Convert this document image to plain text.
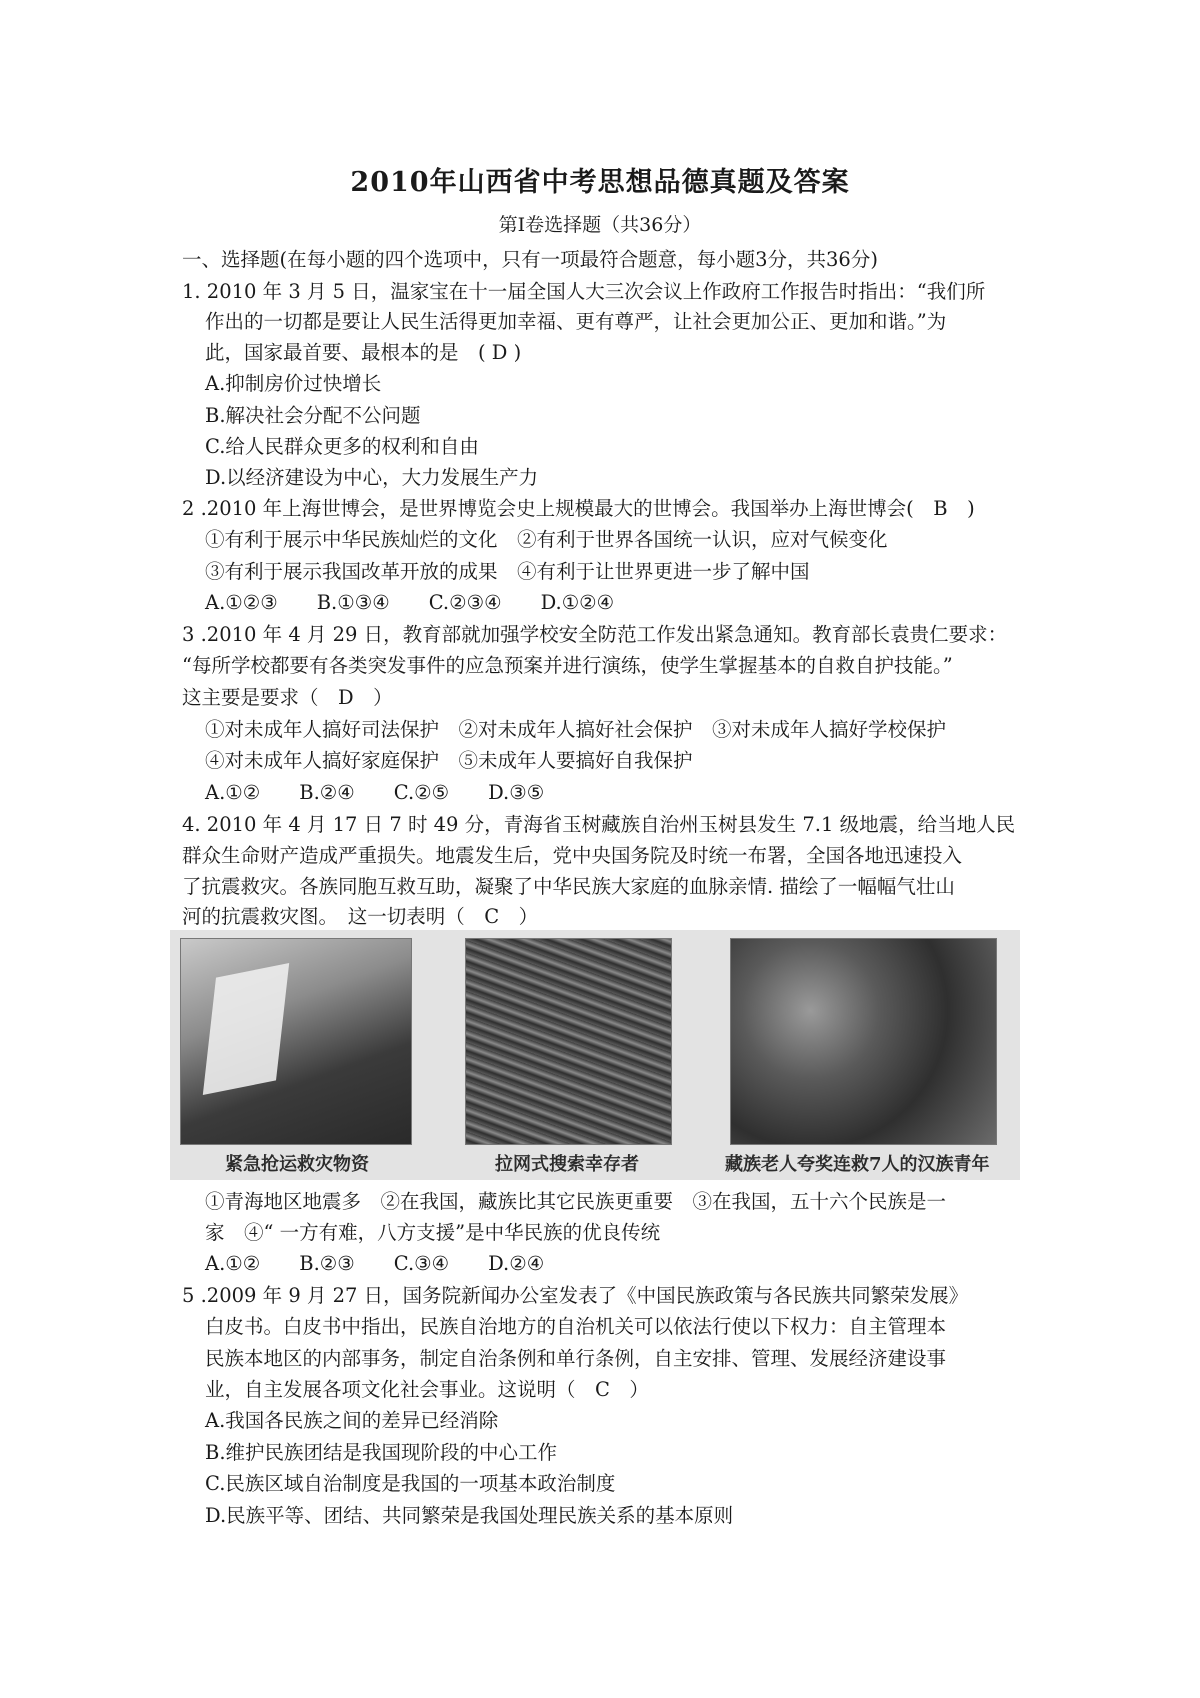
2010年山西省中考思想品德真题及答案
第Ⅰ卷选择题（共36分）
一、选择题(在每小题的四个选项中，只有一项最符合题意，每小题3分，共36分)
1. 2010 年 3 月 5 日，温家宝在十一届全国人大三次会议上作政府工作报告时指出：“我们所
作出的一切都是要让人民生活得更加幸福、更有尊严，让社会更加公正、更加和谐。”为
此，国家最首要、最根本的是　( D )
A.抑制房价过快增长
B.解决社会分配不公问题
C.给人民群众更多的权利和自由
D.以经济建设为中心，大力发展生产力
2 .2010 年上海世博会，是世界博览会史上规模最大的世博会。我国举办上海世博会(　B　)
①有利于展示中华民族灿烂的文化　②有利于世界各国统一认识，应对气候变化
③有利于展示我国改革开放的成果　④有利于让世界更进一步了解中国
A.①②③　　B.①③④　　C.②③④　　D.①②④
3 .2010 年 4 月 29 日，教育部就加强学校安全防范工作发出紧急通知。教育部长袁贵仁要求：
“每所学校都要有各类突发事件的应急预案并进行演练，使学生掌握基本的自救自护技能。”
这主要是要求（　D　）
①对未成年人搞好司法保护　②对未成年人搞好社会保护　③对未成年人搞好学校保护
④对未成年人搞好家庭保护　⑤未成年人要搞好自我保护
A.①②　　B.②④　　C.②⑤　　D.③⑤
4. 2010 年 4 月 17 日 7 时 49 分，青海省玉树藏族自治州玉树县发生 7.1 级地震，给当地人民
群众生命财产造成严重损失。地震发生后，党中央国务院及时统一布署，全国各地迅速投入
了抗震救灾。各族同胞互救互助，凝聚了中华民族大家庭的血脉亲情. 描绘了一幅幅气壮山
河的抗震救灾图。　这一切表明（　C　）
紧急抢运救灾物资	拉网式搜索幸存者	藏族老人夸奖连救7人的汉族青年
①青海地区地震多　②在我国，藏族比其它民族更重要　③在我国，五十六个民族是一
家　④“ 一方有难，八方支援”是中华民族的优良传统
A.①②　　B.②③　　C.③④　　D.②④
5 .2009 年 9 月 27 日，国务院新闻办公室发表了《中国民族政策与各民族共同繁荣发展》
白皮书。白皮书中指出，民族自治地方的自治机关可以依法行使以下权力：自主管理本
民族本地区的内部事务，制定自治条例和单行条例，自主安排、管理、发展经济建设事
业，自主发展各项文化社会事业。这说明（　C　）
A.我国各民族之间的差异已经消除
B.维护民族团结是我国现阶段的中心工作
C.民族区域自治制度是我国的一项基本政治制度
D.民族平等、团结、共同繁荣是我国处理民族关系的基本原则
